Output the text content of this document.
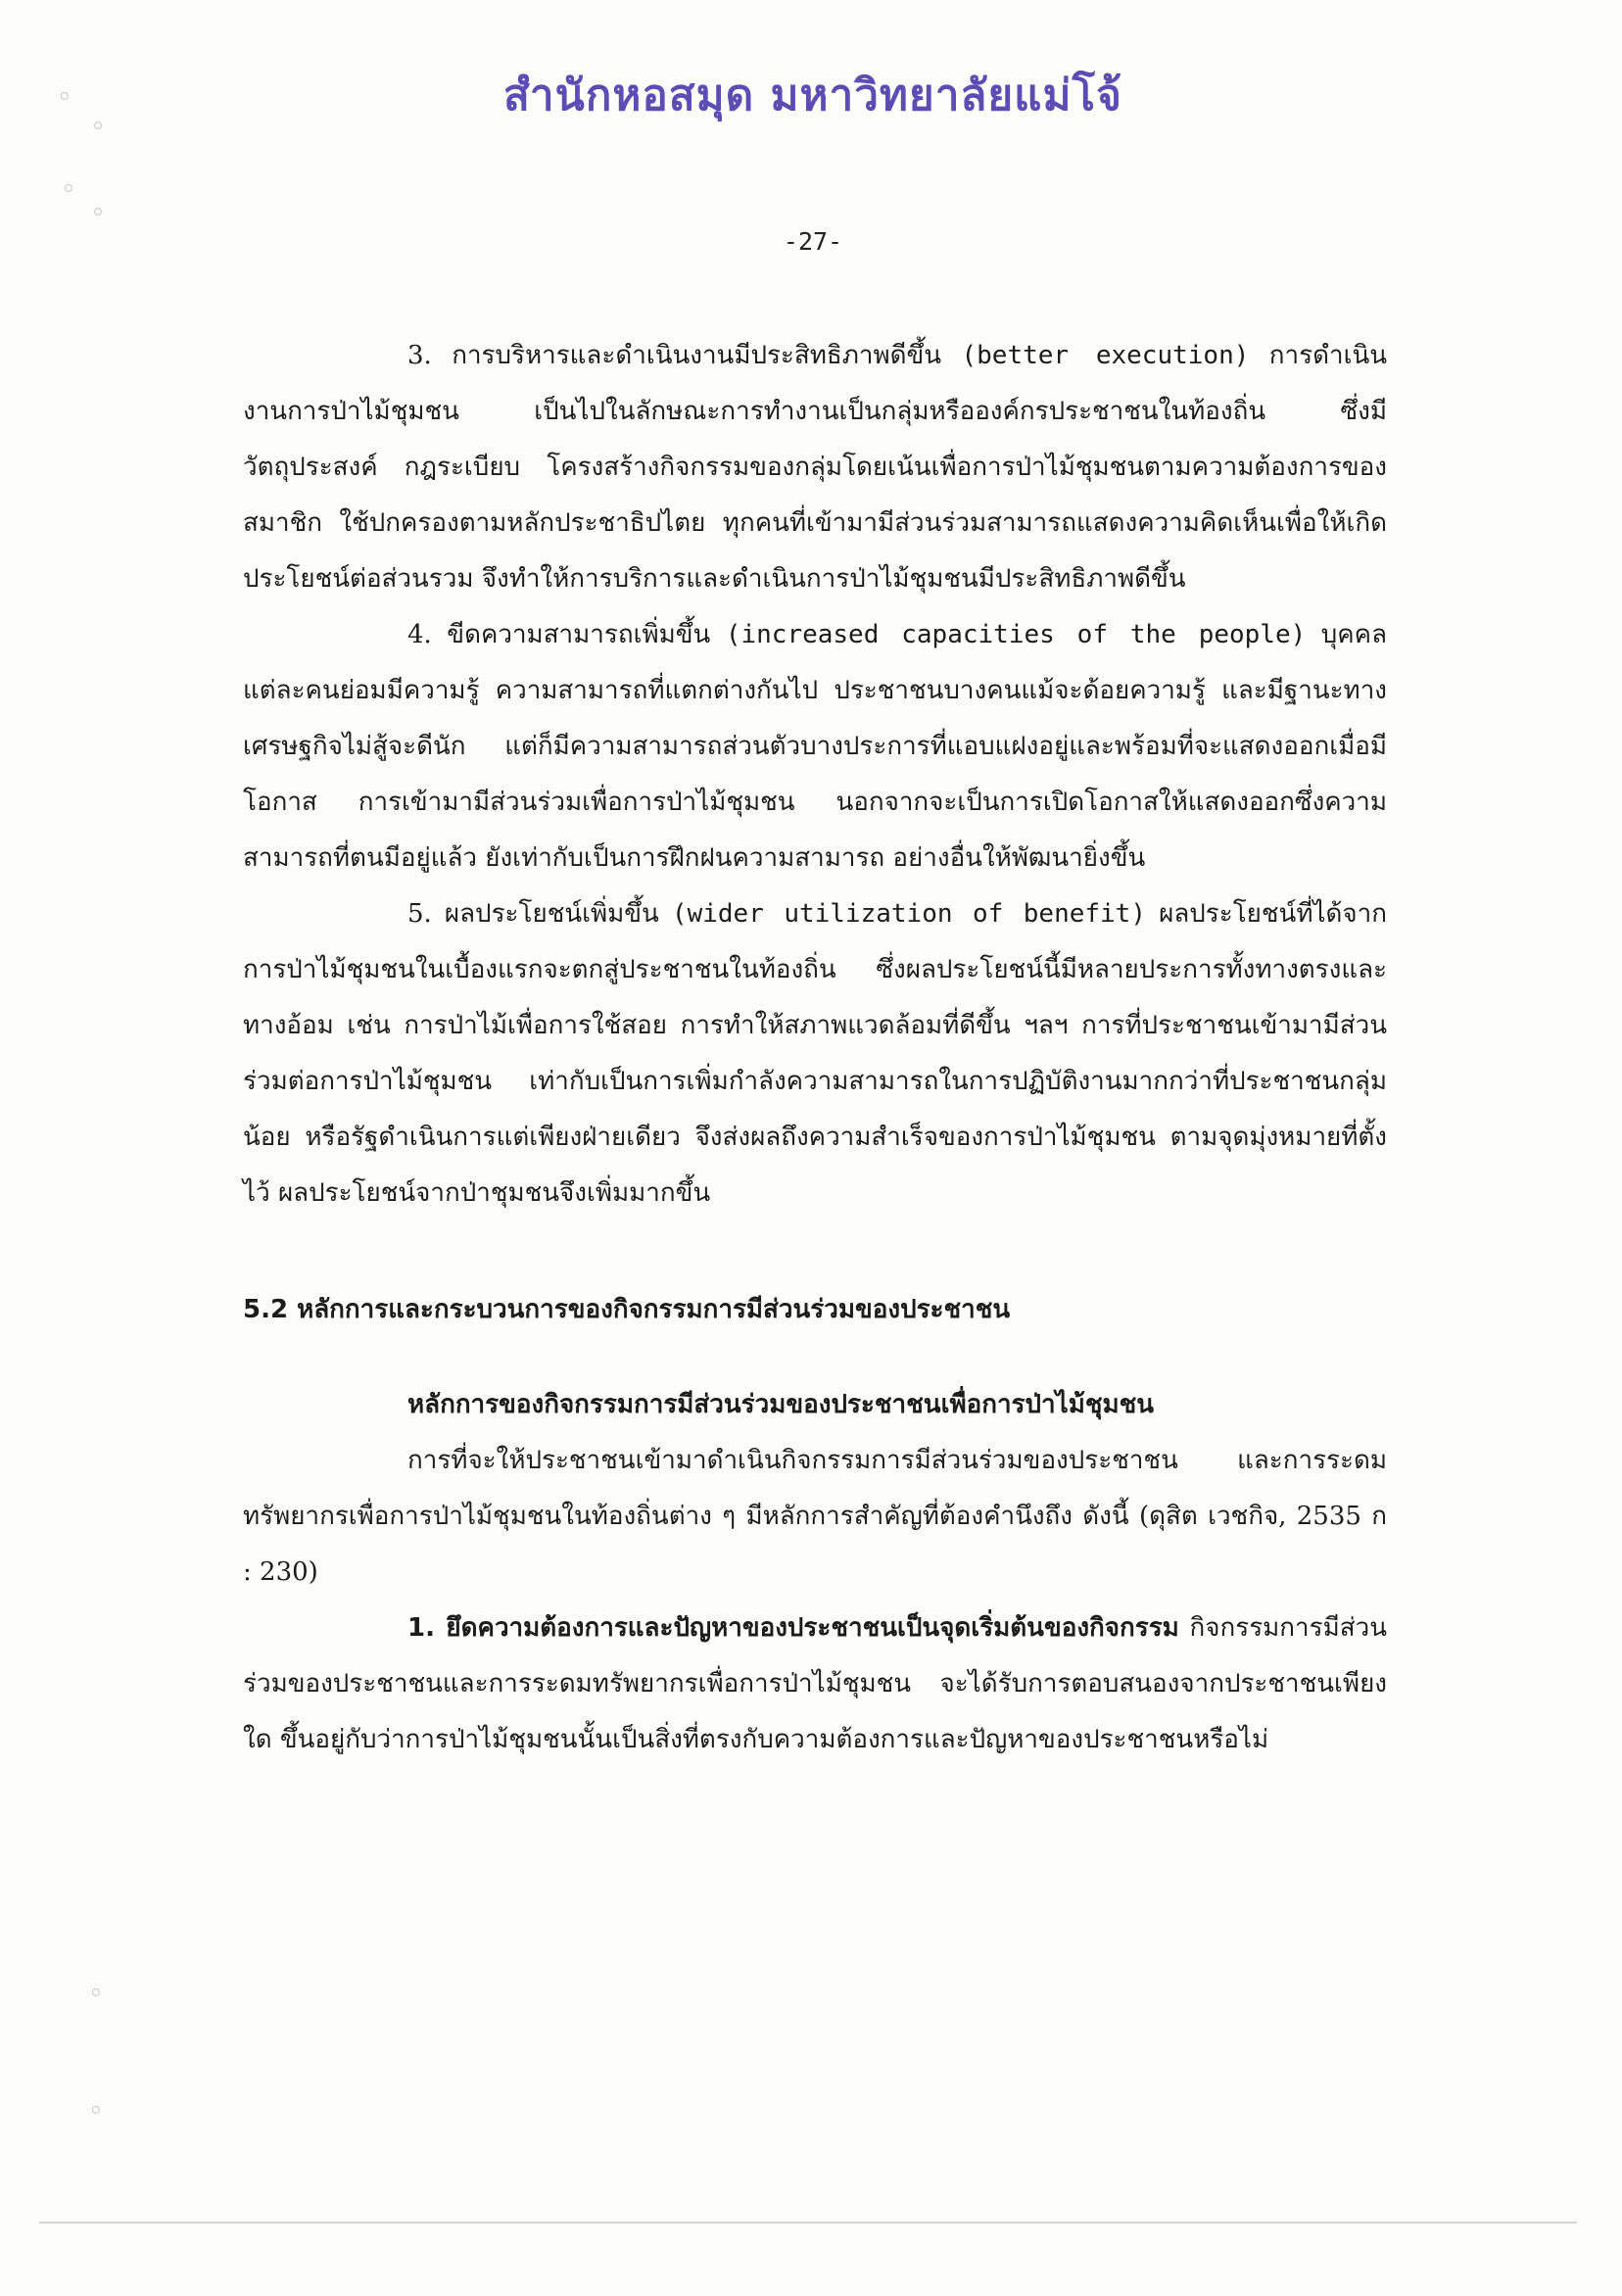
สำนักหอสมุด มหาวิทยาลัยแม่โจ้
-27-

3. การบริหารและดำเนินงานมีประสิทธิภาพดีขึ้น (better execution) การดำเนินงานการป่าไม้ชุมชน เป็นไปในลักษณะการทำงานเป็นกลุ่มหรือองค์กรประชาชนในท้องถิ่น ซึ่งมีวัตถุประสงค์ กฎระเบียบ โครงสร้างกิจกรรมของกลุ่มโดยเน้นเพื่อการป่าไม้ชุมชนตามความต้องการของสมาชิก ใช้ปกครองตามหลักประชาธิปไตย ทุกคนที่เข้ามามีส่วนร่วมสามารถแสดงความคิดเห็นเพื่อให้เกิดประโยชน์ต่อส่วนรวม จึงทำให้การบริการและดำเนินการป่าไม้ชุมชนมีประสิทธิภาพดีขึ้น

4. ขีดความสามารถเพิ่มขึ้น (increased capacities of the people) บุคคลแต่ละคนย่อมมีความรู้ ความสามารถที่แตกต่างกันไป ประชาชนบางคนแม้จะด้อยความรู้ และมีฐานะทางเศรษฐกิจไม่สู้จะดีนัก แต่ก็มีความสามารถส่วนตัวบางประการที่แอบแฝงอยู่และพร้อมที่จะแสดงออกเมื่อมีโอกาส การเข้ามามีส่วนร่วมเพื่อการป่าไม้ชุมชน นอกจากจะเป็นการเปิดโอกาสให้แสดงออกซึ่งความสามารถที่ตนมีอยู่แล้ว ยังเท่ากับเป็นการฝึกฝนความสามารถ อย่างอื่นให้พัฒนายิ่งขึ้น

5. ผลประโยชน์เพิ่มขึ้น (wider utilization of benefit) ผลประโยชน์ที่ได้จากการป่าไม้ชุมชนในเบื้องแรกจะตกสู่ประชาชนในท้องถิ่น ซึ่งผลประโยชน์นี้มีหลายประการทั้งทางตรงและทางอ้อม เช่น การป่าไม้เพื่อการใช้สอย การทำให้สภาพแวดล้อมที่ดีขึ้น ฯลฯ การที่ประชาชนเข้ามามีส่วนร่วมต่อการป่าไม้ชุมชน เท่ากับเป็นการเพิ่มกำลังความสามารถในการปฏิบัติงานมากกว่าที่ประชาชนกลุ่มน้อย หรือรัฐดำเนินการแต่เพียงฝ่ายเดียว จึงส่งผลถึงความสำเร็จของการป่าไม้ชุมชน ตามจุดมุ่งหมายที่ตั้งไว้ ผลประโยชน์จากป่าชุมชนจึงเพิ่มมากขึ้น

5.2 หลักการและกระบวนการของกิจกรรมการมีส่วนร่วมของประชาชน
หลักการของกิจกรรมการมีส่วนร่วมของประชาชนเพื่อการป่าไม้ชุมชน

การที่จะให้ประชาชนเข้ามาดำเนินกิจกรรมการมีส่วนร่วมของประชาชน และการระดมทรัพยากรเพื่อการป่าไม้ชุมชนในท้องถิ่นต่าง ๆ มีหลักการสำคัญที่ต้องคำนึงถึง ดังนี้ (ดุสิต เวชกิจ, 2535 ก : 230)

1. ยึดความต้องการและปัญหาของประชาชนเป็นจุดเริ่มต้นของกิจกรรม กิจกรรมการมีส่วนร่วมของประชาชนและการระดมทรัพยากรเพื่อการป่าไม้ชุมชน จะได้รับการตอบสนองจากประชาชนเพียงใด ขึ้นอยู่กับว่าการป่าไม้ชุมชนนั้นเป็นสิ่งที่ตรงกับความต้องการและปัญหาของประชาชนหรือไม่
